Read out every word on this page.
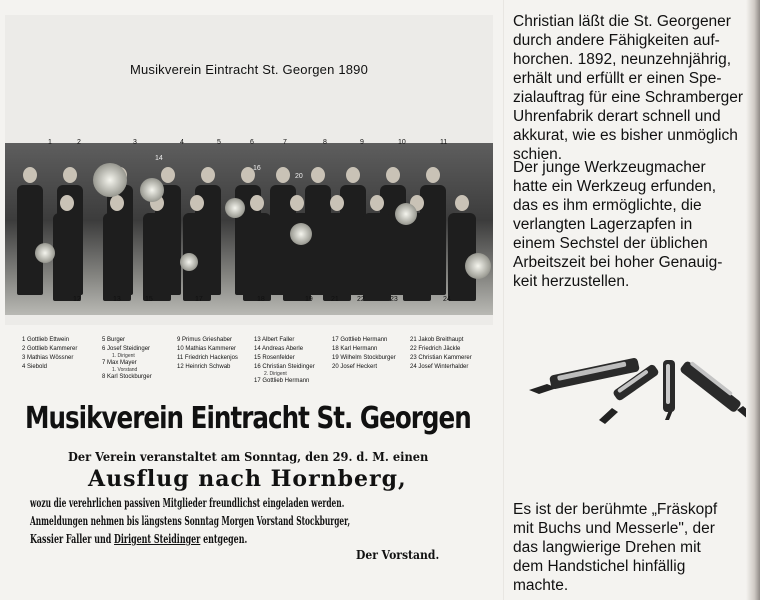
Musikverein Eintracht St. Georgen 1890
1	2	3	4	5	6	7	8	9	10	11
12	13	15	17	18	19	21	22	23	24
14
16
20
1 Gottlieb Ettwein
2 Gottlieb Kammerer
3 Mathias Wössner
4 Siebold
5 Burger
6 Josef Steidinger
1. Dirigent
7 Max Mayer
1. Vorstand
8 Karl Stockburger
9 Primus Grieshaber
10 Mathias Kammerer
11 Friedrich Hackenjos
12 Heinrich Schwab
13 Albert Faller
14 Andreas Aberle
15 Rosenfelder
16 Christian Steidinger
2. Dirigent
17 Gottlieb Hermann
17 Gottlieb Hermann
18 Karl Hermann
19 Wilhelm Stockburger
20 Josef Heckert
21 Jakob Breithaupt
22 Friedrich Jäckle
23 Christian Kammerer
24 Josef Winterhalder
Musikverein Eintracht St. Georgen
Der Verein veranstaltet am Sonntag, den 29. d. M. einen
Ausflug nach Hornberg,
wozu die verehrlichen passiven Mitglieder freundlichst eingeladen werden.
Anmeldungen nehmen bis längstens Sonntag Morgen Vorstand Stockburger,
Kassier Faller und Dirigent Steidinger entgegen.
Der Vorstand.
Christian läßt die St. Georgener
durch andere Fähigkeiten auf-
horchen. 1892, neunzehnjährig,
erhält und erfüllt er einen Spe-
zialauftrag für eine Schramberger
Uhrenfabrik derart schnell und
akkurat, wie es bisher unmöglich
schien.
Der junge Werkzeugmacher
hatte ein Werkzeug erfunden,
das es ihm ermöglichte, die
verlangten Lagerzapfen in
einem Sechstel der üblichen
Arbeitszeit bei hoher Genauig-
keit herzustellen.
Es ist der berühmte „Fräskopf
mit Buchs und Messerle", der
das langwierige Drehen mit
dem Handstichel hinfällig
machte.
